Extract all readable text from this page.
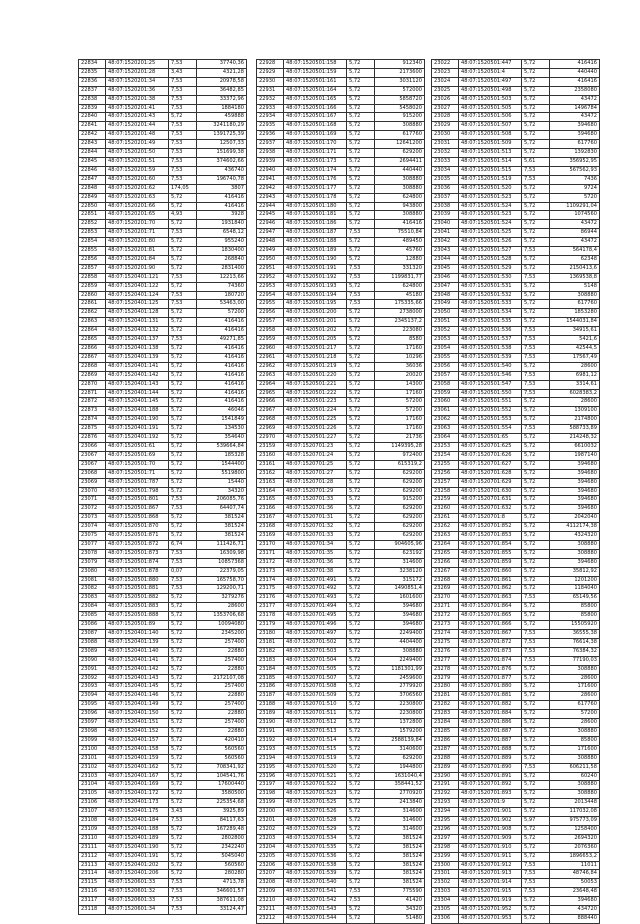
22834	48:07:1520201:25	7,53	37740,36
22835	48:07:1520201:28	3,43	4321,28
22836	48:07:1520201:34	7,53	20978,58
22837	48:07:1520201:36	7,53	36482,85
22838	48:07:1520201:38	7,53	33372,96
22839	48:07:1520201:41	7,53	1884180
22840	48:07:1520201:43	5,72	459888
22841	48:07:1520201:44	7,53	3241180,29
22842	48:07:1520201:48	7,53	1391725,39
22843	48:07:1520201:49	7,53	12507,33
22844	48:07:1520201:50	7,53	151699,38
22845	48:07:1520201:51	7,53	374602,66
22846	48:07:1520201:59	7,53	436740
22847	48:07:1520201:60	7,53	196740,78
22848	48:07:1520201:62	174,05	3807
22849	48:07:1520201:63	5,72	416416
22850	48:07:1520201:66	5,72	416416
22851	48:07:1520201:65	4,93	3928
22852	48:07:1520201:70	5,72	1931840
22853	48:07:1520201:71	7,53	6548,12
22854	48:07:1520201:80	5,72	955240
22855	48:07:1520201:81	5,72	1830400
22856	48:07:1520201:84	5,72	268840
22857	48:07:1520201:90	5,72	2831400
22858	48:07:1520401:121	7,53	12213,66
22859	48:07:1520401:122	5,72	74360
22860	48:07:1520401:124	7,53	180720
22861	48:07:1520401:125	7,53	53463,00
22862	48:07:1520401:128	5,72	57200
22863	48:07:1520401:131	5,72	416416
22864	48:07:1520401:132	5,72	416416
22865	48:07:1520401:137	7,53	49271,85
22866	48:07:1520401:138	5,72	416416
22867	48:07:1520401:139	5,72	416416
22868	48:07:1520401:141	5,72	416416
22869	48:07:1520401:142	5,72	416416
22870	48:07:1520401:143	5,72	416416
22871	48:07:1520401:144	5,72	416416
22872	48:07:1520401:145	5,72	416416
22873	48:07:1520401:188	5,72	46046
22874	48:07:1520401:190	5,72	1541849
22875	48:07:1520401:191	5,72	134530
22876	48:07:1520401:192	5,72	354640
23066	48:07:1520501:61	5,72	539664,84
23067	48:07:1520501:69	5,72	185328
23067	48:07:1520501:70	5,72	1544400
23068	48:07:1520501:71	5,72	5519800
23069	48:07:1520501:787	5,72	15440
23070	48:07:1520501:798	5,72	34320
23071	48:07:1520501:801	7,53	206085,76
23072	48:07:1520501:867	7,53	64407,74
23073	48:07:1520501:868	5,72	381524
23074	48:07:1520501:870	5,72	381524
23075	48:07:1520501:871	5,72	381524
23077	48:07:1520501:872	6,74	111426,71
23078	48:07:1520501:873	7,53	16309,98
23079	48:07:1520501:874	7,53	10857368
23080	48:07:1520501:878	0,07	22379,05
23081	48:07:1520501:880	7,53	165758,70
23082	48:07:1520501:881	7,53	129200,71
23083	48:07:1520501:882	5,72	3279276
23084	48:07:1520501:883	5,72	28600
23085	48:07:1520501:888	5,72	1353706,68
23086	48:07:1520501:89	5,72	10094080
23087	48:07:1520401:140	5,72	2345200
23088	48:07:1520401:139	5,72	257400
23089	48:07:1520401:140	5,72	22880
23090	48:07:1520401:141	5,72	257400
23091	48:07:1520401:142	5,72	22880
23092	48:07:1520401:143	5,72	2172107,08
23093	48:07:1520401:145	5,72	257400
23094	48:07:1520401:146	5,72	22880
23095	48:07:1520401:149	5,72	257400
23096	48:07:1520401:150	5,72	22880
23097	48:07:1520401:151	5,72	257400
23098	48:07:1520401:152	5,72	22880
23099	48:07:1520401:157	5,72	420410
23100	48:07:1520401:158	5,72	560560
23101	48:07:1520401:159	5,72	560560
23102	48:07:1520401:162	5,72	708341,92
23103	48:07:1520401:167	5,72	104541,76
23104	48:07:1520401:169	5,72	17600440
23105	48:07:1520401:172	5,72	3580500
23106	48:07:1520401:173	5,72	225354,68
23107	48:07:1520401:175	3,43	3925,89
23108	48:07:1520401:184	7,53	84117,63
23109	48:07:1520401:188	5,72	167289,48
23110	48:07:1520401:189	5,72	2802800
23111	48:07:1520401:190	5,72	2342240
23112	48:07:1520401:191	5,72	5045040
23113	48:07:1520401:202	5,72	560560
23114	48:07:1520401:206	5,72	280280
23115	48:07:1520601:33	7,53	4713,78
23116	48:07:1520601:32	7,53	346601,57
23117	48:07:1520601:33	7,53	387611,08
23118	48:07:1520601:34	7,53	33124,47
22928	48:07:1520501:158	5,72	912340
22929	48:07:1520501:159	5,72	2173600
22930	48:07:1520501:161	5,72	3031120
22931	48:07:1520501:164	5,72	572000
22932	48:07:1520501:165	5,72	5858720
22933	48:07:1520501:166	5,72	5458020
22934	48:07:1520501:167	5,72	915200
22935	48:07:1520501:168	5,72	308880
22936	48:07:1520501:169	5,72	617760
22937	48:07:1520501:170	5,72	12641200
22938	48:07:1520501:171	5,72	629200
22939	48:07:1520501:173	5,72	2694411
22940	48:07:1520501:174	5,72	440440
22941	48:07:1520501:176	5,72	308880
22942	48:07:1520501:177	5,72	308880
22943	48:07:1520501:178	5,72	624800
22944	48:07:1520501:180	5,72	943800
22945	48:07:1520501:181	5,72	308880
22946	48:07:1520501:186	5,72	416416
22947	48:07:1520501:187	7,53	75510,84
22948	48:07:1520501:188	5,72	489450
22949	48:07:1520501:189	5,72	45760
22950	48:07:1520501:190	5,72	12880
22951	48:07:1520501:191	7,53	331320
22952	48:07:1520501:192	7,53	1199831,77
22953	48:07:1520501:193	5,72	624800
22954	48:07:1520501:194	7,53	45180
22955	48:07:1520501:195	7,53	175335,66
22956	48:07:1520501:200	5,72	2738000
22957	48:07:1520501:201	5,72	2345137,2
22958	48:07:1520501:202	5,72	223080
22959	48:07:1520501:205	5,72	8580
22960	48:07:1520501:217	5,72	17160
22961	48:07:1520501:218	5,72	10296
22962	48:07:1520501:219	5,72	36036
22963	48:07:1520501:220	5,72	20020
22964	48:07:1520501:221	5,72	14300
22965	48:07:1520501:222	5,72	17160
22966	48:07:1520501:223	5,72	57200
22967	48:07:1520501:224	5,72	57200
22968	48:07:1520501:225	5,72	17160
22969	48:07:1520501:226	5,72	17160
22970	48:07:1520501:227	5,72	21736
23159	48:07:1520701:23	5,72	1149395,28
23160	48:07:1520701:24	5,72	972400
23161	48:07:1520701:25	5,72	615319,2
23162	48:07:1520701:27	5,72	629200
23163	48:07:1520701:28	5,72	629200
23164	48:07:1520701:29	5,72	629200
23165	48:07:1520701:33	5,72	915200
23166	48:07:1520701:36	5,72	629200
23167	48:07:1520701:31	5,72	629200
23168	48:07:1520701:32	5,72	629200
23169	48:07:1520701:33	5,72	629200
23170	48:07:1520701:34	5,72	904605,96
23171	48:07:1520701:35	5,72	623192
23172	48:07:1520701:36	5,72	314600
23173	48:07:1520701:38	5,72	3238120
23174	48:07:1520701:491	5,72	315172
23175	48:07:1520701:492	5,72	1490851,4
23176	48:07:1520701:493	5,72	1601600
23177	48:07:1520701:494	5,72	394680
23178	48:07:1520701:495	5,72	394680
23179	48:07:1520701:496	5,72	394680
23180	48:07:1520701:497	5,72	2249400
23181	48:07:1520701:502	5,72	4404400
23182	48:07:1520701:503	5,72	308880
23183	48:07:1520701:504	5,72	2249400
23184	48:07:1520701:505	5,72	1181301,99
23185	48:07:1520701:507	5,72	2459600
23186	48:07:1520701:508	5,72	2779920
23187	48:07:1520701:509	5,72	3706560
23188	48:07:1520701:510	5,72	2230800
23189	48:07:1520701:511	5,72	2230800
23190	48:07:1520701:512	5,72	1372800
23191	48:07:1520701:513	5,72	1579200
23192	48:07:1520701:514	5,72	2588139,84
23193	48:07:1520701:515	5,72	3140600
23194	48:07:1520701:519	5,72	629200
23195	48:07:1520701:520	5,72	1944800
23196	48:07:1520701:521	5,72	1631040,4
23197	48:07:1520701:522	5,72	358441,52
23198	48:07:1520701:523	5,72	2770920
23199	48:07:1520701:525	5,72	2413840
23200	48:07:1520701:526	5,72	314600
23201	48:07:1520701:528	5,72	314600
23202	48:07:1520701:529	5,72	314600
23203	48:07:1520701:534	5,72	381524
23204	48:07:1520701:535	5,72	381524
23205	48:07:1520701:536	5,72	381524
23206	48:07:1520701:538	5,72	381524
23207	48:07:1520701:539	5,72	381524
23208	48:07:1520701:540	5,72	381524
23209	48:07:1520701:541	7,53	775590
23210	48:07:1520701:542	7,53	41420
23211	48:07:1520701:543	5,72	34320
23212	48:07:1520701:544	5,72	51480
23022	48:07:1520501:447	5,72	416416
23023	48:07:1520501:4	5,72	440440
23024	48:07:1520501:497	5,72	416416
23025	48:07:1520501:498	5,72	2358080
23026	48:07:1520501:503	5,72	43472
23027	48:07:1520501:505	5,72	1496784
23028	48:07:1520501:506	5,72	43472
23029	48:07:1520501:507	5,72	394680
23030	48:07:1520501:508	5,72	394680
23031	48:07:1520501:509	5,72	617760
23032	48:07:1520501:513	5,72	1392830
23033	48:07:1520501:514	5,61	356952,95
23034	48:07:1520501:515	7,53	567562,93
23035	48:07:1520501:519	7,53	7436
23036	48:07:1520501:520	5,72	9724
23037	48:07:1520501:523	5,72	5720
23038	48:07:1520501:524	5,72	1109291,04
23039	48:07:1520501:523	5,72	1074560
23040	48:07:1520501:524	5,72	43472
23041	48:07:1520501:525	5,72	86944
23042	48:07:1520501:526	5,72	43472
23043	48:07:1520501:527	7,53	564178,4
23044	48:07:1520501:528	5,72	62348
23045	48:07:1520501:529	5,72	2150413,6
23046	48:07:1520501:530	7,53	1369538,8
23047	48:07:1520501:531	5,72	5148
23048	48:07:1520501:532	5,72	308880
23049	48:07:1520501:533	5,72	617760
23050	48:07:1520501:534	5,72	1853280
23051	48:07:1520501:535	5,72	1544031,84
23052	48:07:1520501:536	7,53	34915,61
23053	48:07:1520501:537	7,53	5421,6
23054	48:07:1520501:538	7,53	42544,5
23055	48:07:1520501:539	7,53	17567,49
23056	48:07:1520501:540	5,72	28600
23057	48:07:1520501:546	7,53	6981,12
23058	48:07:1520501:547	7,53	3314,61
23059	48:07:1520501:550	7,53	6028383,2
23060	48:07:1520501:551	5,72	28600
23061	48:07:1520501:552	5,72	1309100
23062	48:07:1520501:553	5,72	2174800
23063	48:07:1520501:554	7,53	588733,89
23064	48:07:1520501:65	5,72	214248,32
23253	48:07:1520701:625	5,72	6610032
23254	48:07:1520701:626	5,72	1987140
23255	48:07:1520701:627	5,72	394680
23256	48:07:1520701:628	5,72	394680
23257	48:07:1520701:629	5,72	394680
23258	48:07:1520701:630	5,72	394680
23259	48:07:1520701:631	5,72	394680
23260	48:07:1520701:632	5,72	394680
23261	48:07:1520701:8	5,72	2042040
23262	48:07:1520701:852	5,72	4112174,38
23263	48:07:1520701:853	5,72	4324320
23264	48:07:1520701:854	5,72	308880
23265	48:07:1520701:855	5,72	308880
23266	48:07:1520701:859	5,72	394680
23267	48:07:1520701:860	5,72	35812,92
23268	48:07:1520701:861	5,72	1201200
23269	48:07:1520701:862	5,72	1184040
23270	48:07:1520701:863	7,53	65149,56
23271	48:07:1520701:864	5,72	85800
23272	48:07:1520701:865	5,72	85800
23273	48:07:1520701:866	5,72	15505920
23274	48:07:1520701:867	7,53	36555,38
23275	48:07:1520701:872	7,53	76614,38
23276	48:07:1520701:873	7,53	76384,32
23277	48:07:1520701:874	7,53	77190,03
23278	48:07:1520701:876	5,72	308880
23279	48:07:1520701:877	5,72	28600
23280	48:07:1520701:880	5,72	171600
23281	48:07:1520701:881	5,72	28600
23282	48:07:1520701:882	5,72	617760
23283	48:07:1520701:884	5,72	57200
23284	48:07:1520701:886	5,72	28600
23285	48:07:1520701:887	5,72	308880
23286	48:07:1520701:887	5,72	85800
23287	48:07:1520701:888	5,72	171600
23288	48:07:1520701:889	5,72	308880
23289	48:07:1520701:890	7,53	606211,58
23290	48:07:1520701:891	5,72	60240
23291	48:07:1520701:892	5,72	308880
23292	48:07:1520701:893	5,72	308880
23293	48:07:1520701:9	5,72	2013448
23294	48:07:1520701:901	5,72	117032,08
23295	48:07:1520701:902	5,97	975773,09
23296	48:07:1520701:908	5,72	1258400
23297	48:07:1520701:909	5,72	2694320
23298	48:07:1520701:910	5,72	2076360
23299	48:07:1520701:911	5,72	1896653,2
23300	48:07:1520701:912	7,53	11011
23301	48:07:1520701:913	7,53	48746,84
23302	48:07:1520701:914	7,53	50053
23303	48:07:1520701:915	7,53	23648,48
23304	48:07:1520701:919	5,72	394680
23305	48:07:1520701:952	5,72	434720
23306	48:07:1520701:953	5,72	888440
